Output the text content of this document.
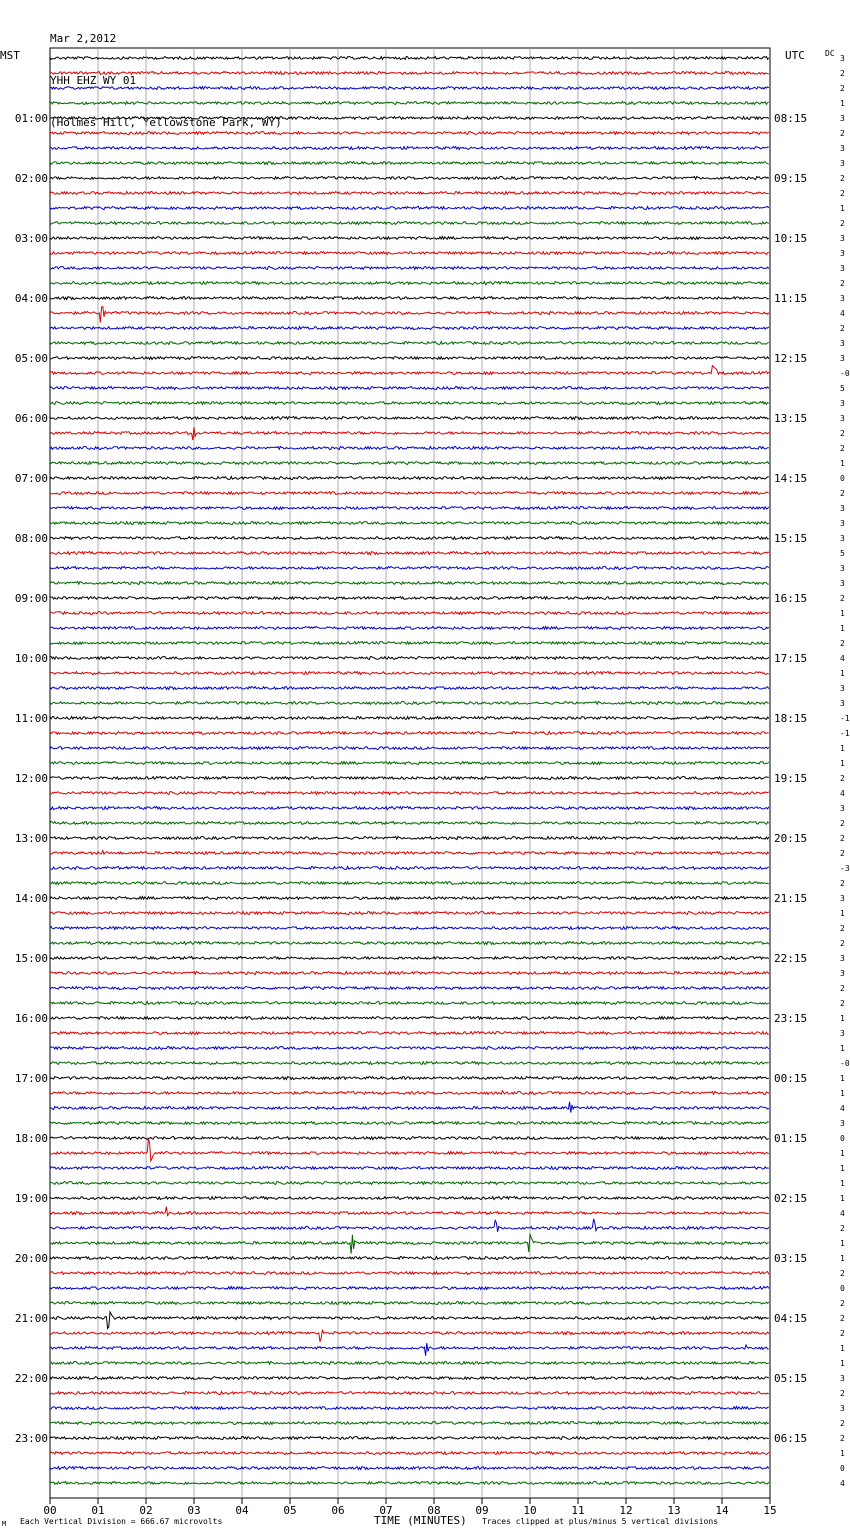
Mar 2,2012

YHH EHZ WY 01

(Holmes Hill, Yellowstone Park, WY)

MST	UTC	DC
00	01	02	03	04	05	06	07	08	09	10	11	12	13	14	15
3
2
2
1
3
2
3
3
2
2
1
2
3
3
3
2
3
4
2
3
3
-0
5
3
3
2
2
1
0
2
3
3
3
5
3
3
2
1
1
2
4
1
3
3
-1
-1
1
1
2
4
3
2
2
2
-3
2
3
1
2
2
3
3
2
2
1
3
1
-0
1
1
4
3
0
1
1
1
1
4
2
1
1
2
0
2
2
2
1
1
3
2
3
2
2
1
0
4
01:00	08:15
02:00	09:15
03:00	10:15
04:00	11:15
05:00	12:15
06:00	13:15
07:00	14:15
08:00	15:15
09:00	16:15
10:00	17:15
11:00	18:15
12:00	19:15
13:00	20:15
14:00	21:15
15:00	22:15
16:00	23:15
17:00	00:15
18:00	01:15
19:00	02:15
20:00	03:15
21:00	04:15
22:00	05:15
23:00	06:15
M Each Vertical Division = 666.67 microvolts	TIME (MINUTES) Traces clipped at plus/minus 5 vertical divisions
